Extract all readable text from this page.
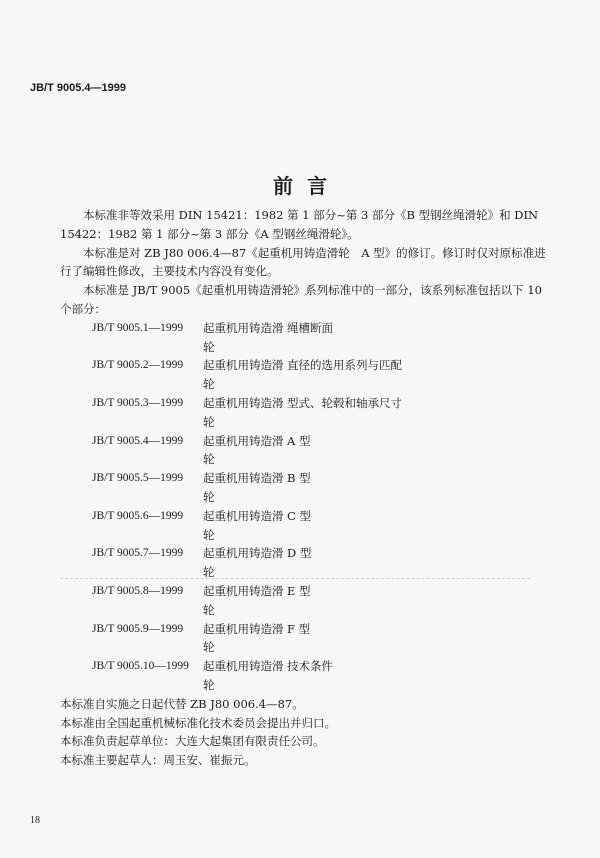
JB/T 9005.4—1999
前言

本标准非等效采用 DIN 15421：1982 第 1 部分~第 3 部分《B 型钢丝绳滑轮》和 DIN 15422：1982 第 1 部分~第 3 部分《A 型钢丝绳滑轮》。

本标准是对 ZB J80 006.4—87《起重机用铸造滑轮　A 型》的修订。修订时仅对原标准进行了编辑性修改，主要技术内容没有变化。

本标准是 JB/T 9005《起重机用铸造滑轮》系列标准中的一部分，该系列标准包括以下 10 个部分：

JB/T 9005.1—1999	起重机用铸造滑轮
绳槽断面
JB/T 9005.2—1999	起重机用铸造滑轮
直径的选用系列与匹配
JB/T 9005.3—1999	起重机用铸造滑轮
型式、轮毂和轴承尺寸
JB/T 9005.4—1999	起重机用铸造滑轮
A 型
JB/T 9005.5—1999	起重机用铸造滑轮
B 型
JB/T 9005.6—1999	起重机用铸造滑轮
C 型
JB/T 9005.7—1999	起重机用铸造滑轮
D 型
JB/T 9005.8—1999	起重机用铸造滑轮
E 型
JB/T 9005.9—1999	起重机用铸造滑轮
F 型
JB/T 9005.10—1999	起重机用铸造滑轮
技术条件

本标准自实施之日起代替 ZB J80 006.4—87。

本标准由全国起重机械标准化技术委员会提出并归口。

本标准负责起草单位：大连大起集团有限责任公司。

本标准主要起草人：周玉安、崔振元。

18
